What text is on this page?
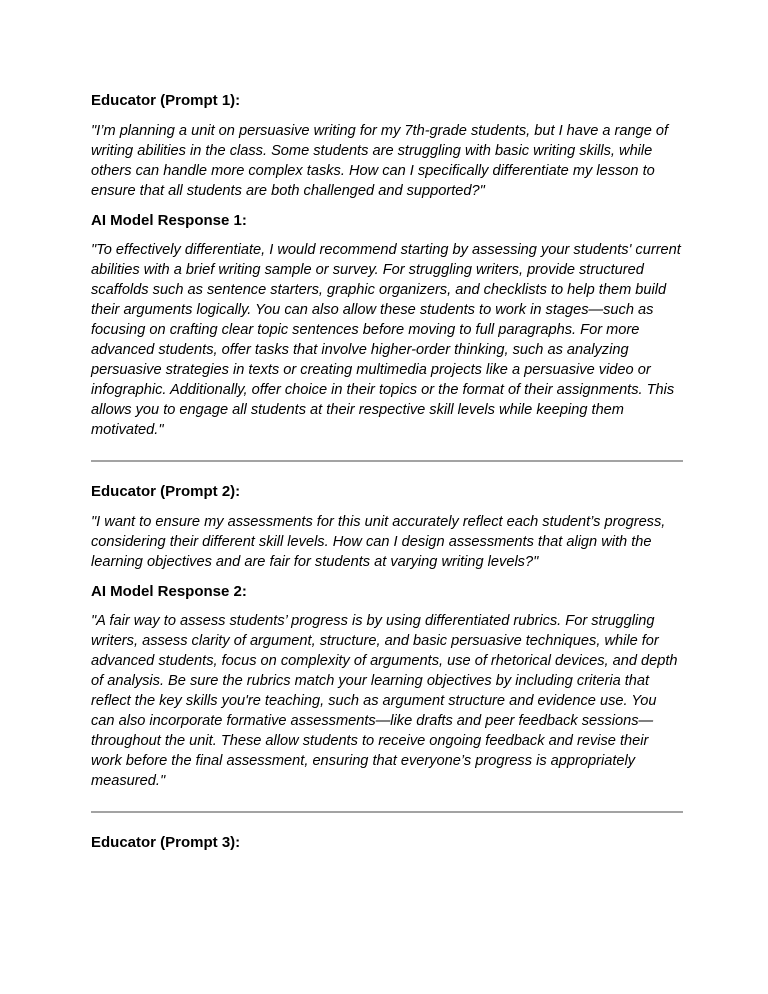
Educator (Prompt 1):

"I’m planning a unit on persuasive writing for my 7th-grade students, but I have a range of writing abilities in the class. Some students are struggling with basic writing skills, while others can handle more complex tasks. How can I specifically differentiate my lesson to ensure that all students are both challenged and supported?"

AI Model Response 1:

"To effectively differentiate, I would recommend starting by assessing your students' current abilities with a brief writing sample or survey. For struggling writers, provide structured scaffolds such as sentence starters, graphic organizers, and checklists to help them build their arguments logically. You can also allow these students to work in stages—such as focusing on crafting clear topic sentences before moving to full paragraphs. For more advanced students, offer tasks that involve higher-order thinking, such as analyzing persuasive strategies in texts or creating multimedia projects like a persuasive video or infographic. Additionally, offer choice in their topics or the format of their assignments. This allows you to engage all students at their respective skill levels while keeping them motivated."

Educator (Prompt 2):

"I want to ensure my assessments for this unit accurately reflect each student’s progress, considering their different skill levels. How can I design assessments that align with the learning objectives and are fair for students at varying writing levels?"

AI Model Response 2:

"A fair way to assess students’ progress is by using differentiated rubrics. For struggling writers, assess clarity of argument, structure, and basic persuasive techniques, while for advanced students, focus on complexity of arguments, use of rhetorical devices, and depth of analysis. Be sure the rubrics match your learning objectives by including criteria that reflect the key skills you're teaching, such as argument structure and evidence use. You can also incorporate formative assessments—like drafts and peer feedback sessions—throughout the unit. These allow students to receive ongoing feedback and revise their work before the final assessment, ensuring that everyone’s progress is appropriately measured."

Educator (Prompt 3):
